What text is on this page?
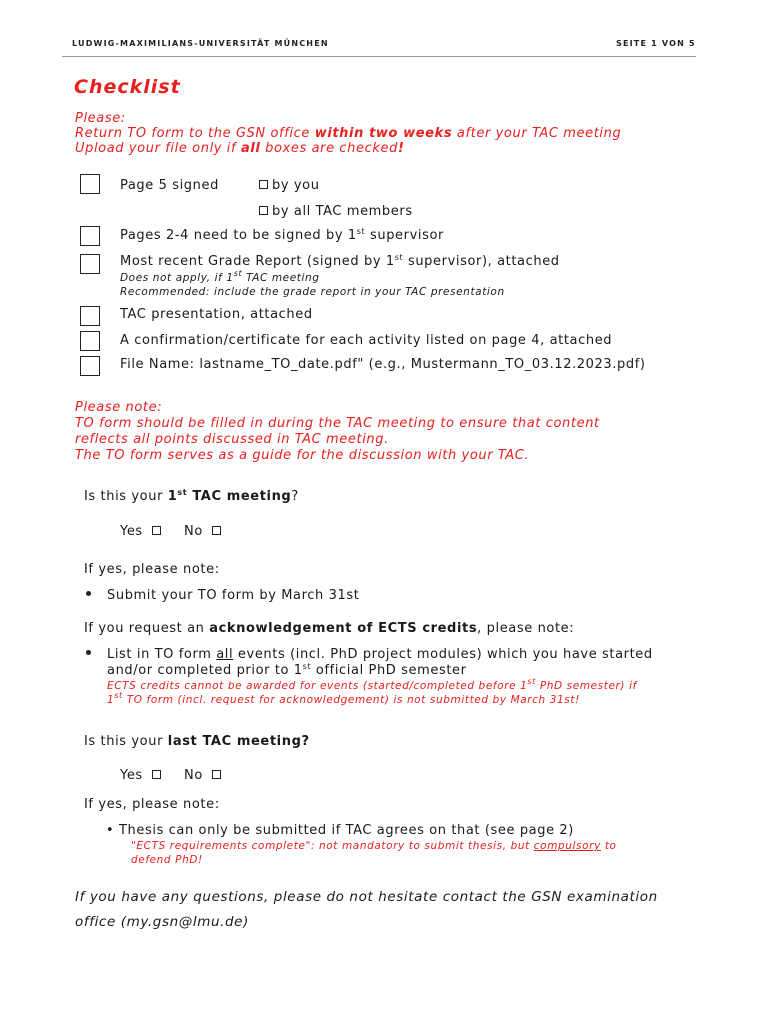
LUDWIG-MAXIMILIANS-UNIVERSITÄT MÜNCHEN	SEITE 1 VON 5
Checklist
Please:
Return TO form to the GSN office within two weeks after your TAC meeting
Upload your file only if all boxes are checked!
Page 5 signed	by you
by all TAC members
Pages 2-4 need to be signed by 1st supervisor
Most recent Grade Report (signed by 1st supervisor), attached
Does not apply, if 1st TAC meeting
Recommended: include the grade report in your TAC presentation
TAC presentation, attached
A confirmation/certificate for each activity listed on page 4, attached
File Name: lastname_TO_date.pdf" (e.g., Mustermann_TO_03.12.2023.pdf)
Please note:
TO form should be filled in during the TAC meeting to ensure that content
reflects all points discussed in TAC meeting.
The TO form serves as a guide for the discussion with your TAC.
Is this your 1st TAC meeting?
Yes	No
If yes, please note:
Submit your TO form by March 31st
If you request an acknowledgement of ECTS credits, please note:
List in TO form all events (incl. PhD project modules) which you have started
and/or completed prior to 1st official PhD semester
ECTS credits cannot be awarded for events (started/completed before 1st PhD semester) if
1st TO form (incl. request for acknowledgement) is not submitted by March 31st!
Is this your last TAC meeting?
Yes	No
If yes, please note:
• Thesis can only be submitted if TAC agrees on that (see page 2)
"ECTS requirements complete": not mandatory to submit thesis, but compulsory to
defend PhD!
If you have any questions, please do not hesitate contact the GSN examination
office (my.gsn@lmu.de)
